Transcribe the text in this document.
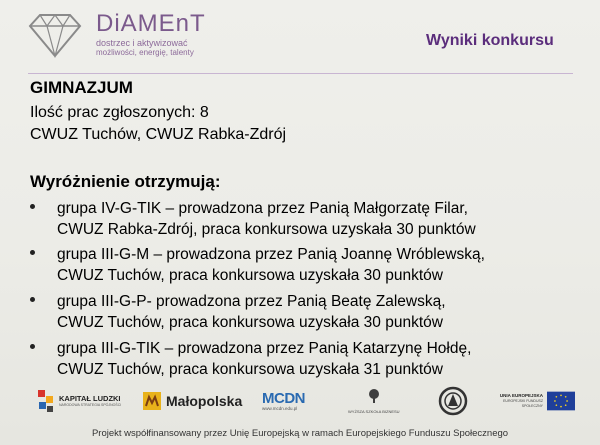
DiAMEnT
dostrzec i aktywizować
możliwości, energię, talenty
Wyniki konkursu
GIMNAZJUM
Ilość prac zgłoszonych: 8
CWUZ Tuchów, CWUZ Rabka-Zdrój
Wyróżnienie otrzymują:
grupa IV-G-TIK – prowadzona przez Panią Małgorzatę Filar,
CWUZ Rabka-Zdrój, praca konkursowa uzyskała 30 punktów
grupa III-G-M – prowadzona przez Panią Joannę Wróblewską,
CWUZ Tuchów, praca konkursowa uzyskała 30 punktów
grupa III-G-P- prowadzona przez Panią Beatę Zalewską,
CWUZ Tuchów, praca konkursowa uzyskała 30 punktów
grupa III-G-TIK – prowadzona przez Panią Katarzynę Hołdę,
CWUZ Tuchów, praca konkursowa uzyskała 31 punktów
KAPITAŁ LUDZKI
NARODOWA STRATEGIA SPÓJNOŚCI	Małopolska MCDN
www.mcdn.edu.pl
WYŻSZA SZKOŁA BIZNESU
UNIA EUROPEJSKA
EUROPEJSKI FUNDUSZ SPOŁECZNY
Projekt współfinansowany przez Unię Europejską w ramach Europejskiego Funduszu Społecznego
